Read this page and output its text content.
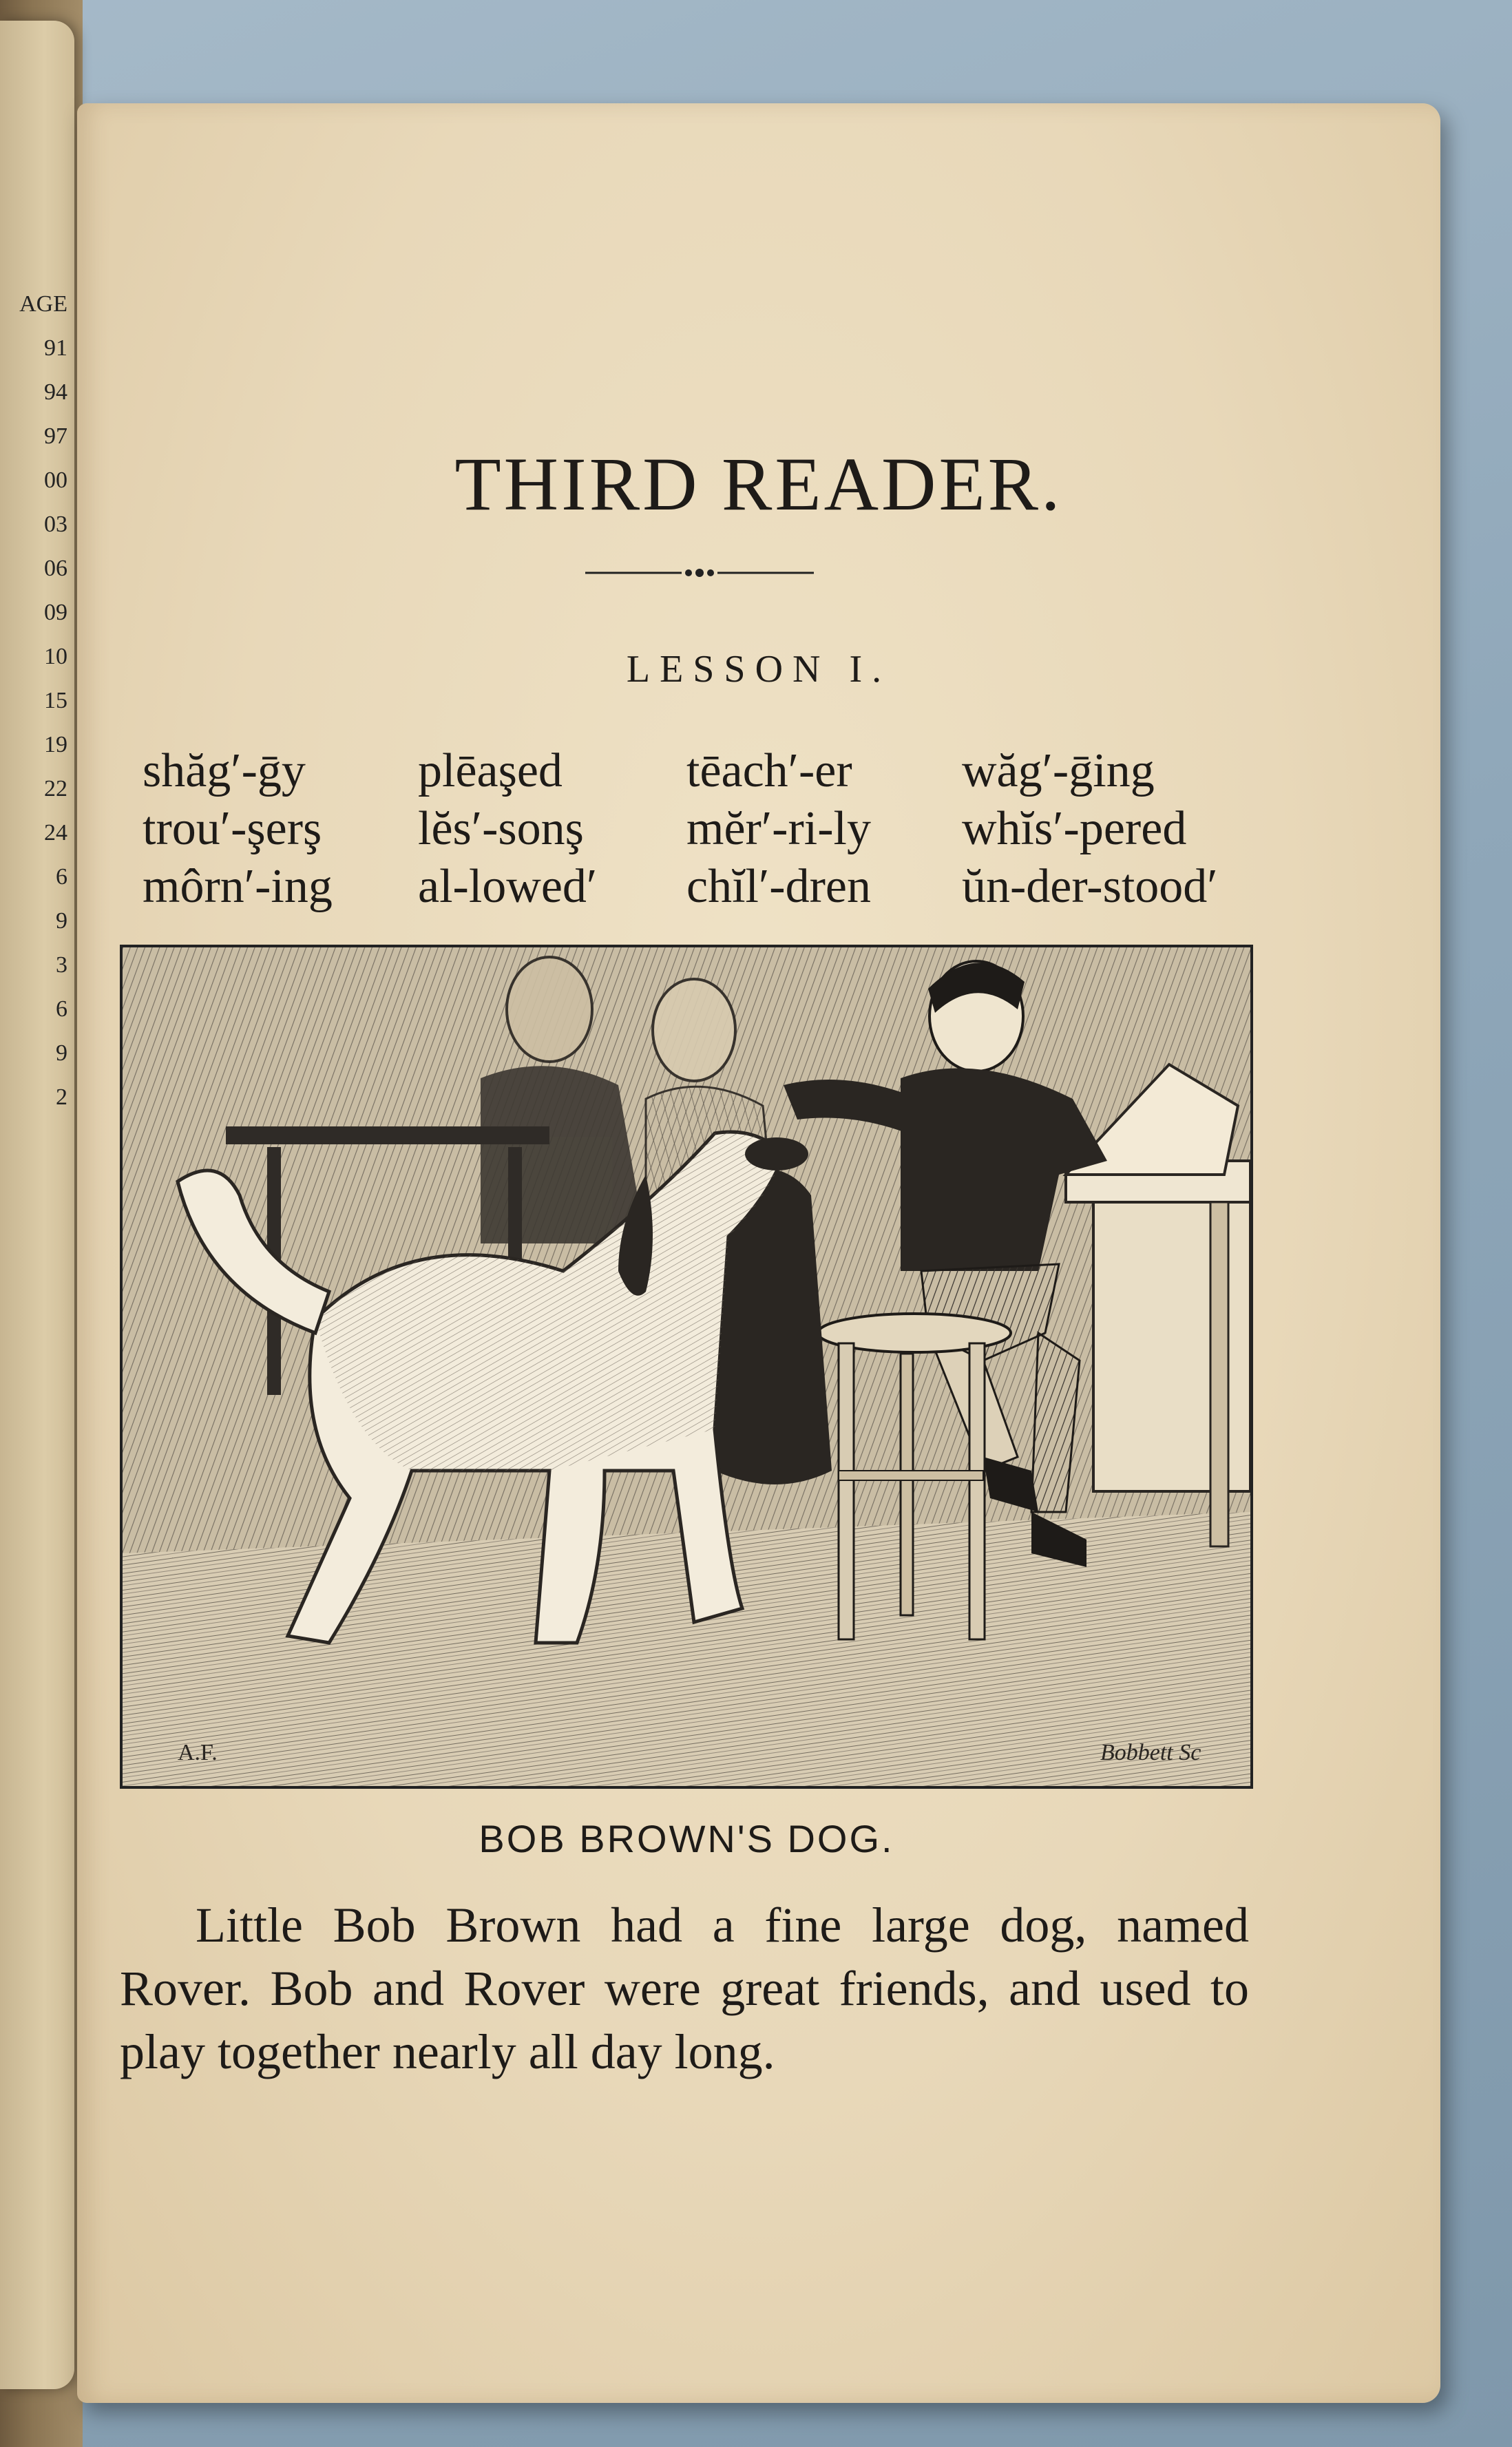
AGE
91
94
97
00
03
06
09
10
15
19
22
24
6
9
3
6
9
2
THIRD READER.
LESSON I.
shăg′-ḡy plēaşed	tēach′-er wăg′-ḡing
trou′-şerş lĕs′-sonş mĕr′-ri-ly whĭs′-pered
môrn′-ing al-lowed′ chĭl′-dren ŭn-der-stood′
A.F.	Bobbett Sc
BOB BROWN'S DOG.
Little Bob Brown had a fine large dog, named Rover. Bob and Rover were great friends, and used to play together nearly all day long.
